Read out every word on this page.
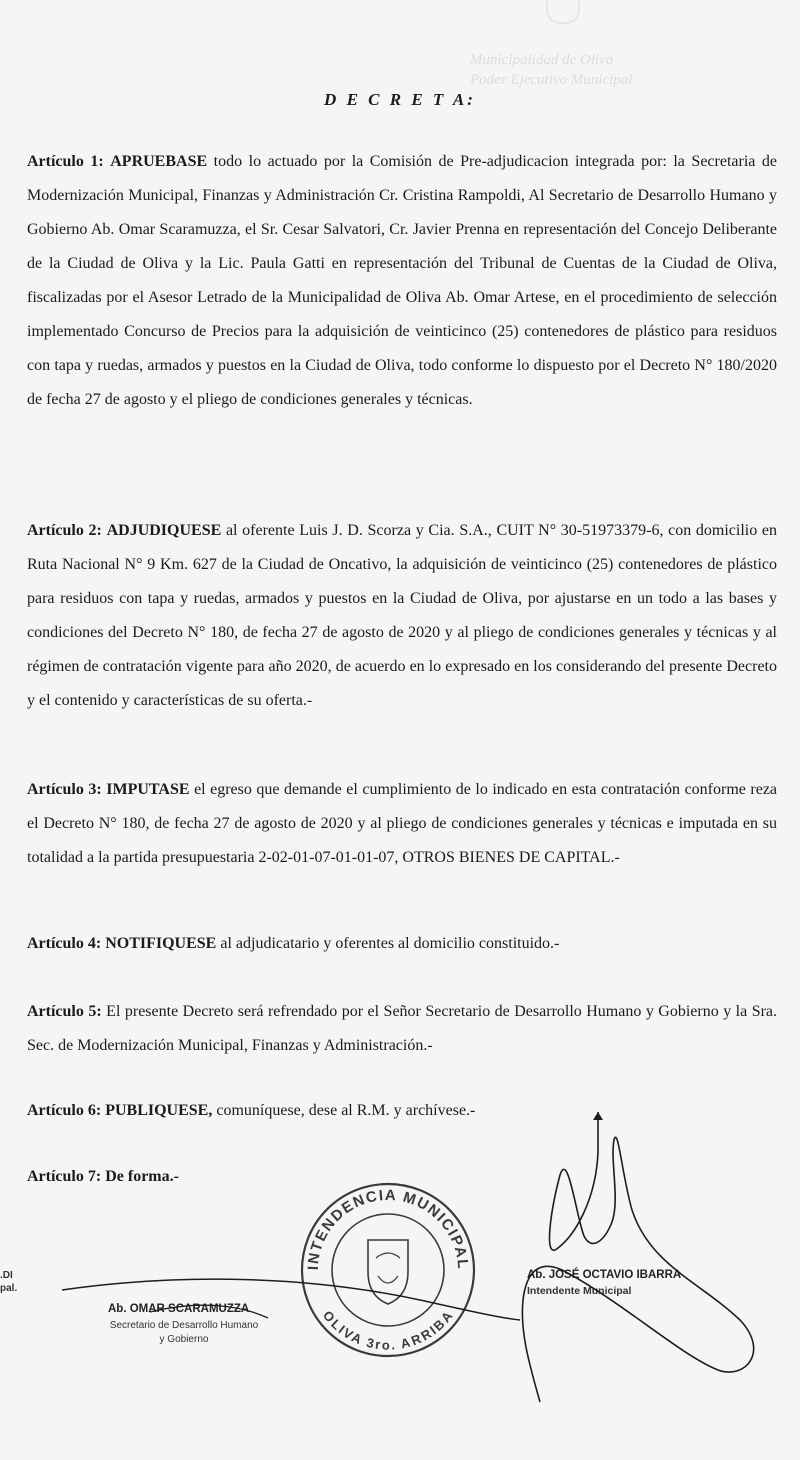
Municipalidad de Oliva
Poder Ejecutivo Municipal
D E C R E T A:

Artículo 1: APRUEBASE todo lo actuado por la Comisión de Pre-adjudicacion integrada por: la Secretaria de Modernización Municipal, Finanzas y Administración Cr. Cristina Rampoldi, Al Secretario de Desarrollo Humano y Gobierno Ab. Omar Scaramuzza, el Sr. Cesar Salvatori, Cr. Javier Prenna en representación del Concejo Deliberante de la Ciudad de Oliva y la Lic. Paula Gatti en representación del Tribunal de Cuentas de la Ciudad de Oliva, fiscalizadas por el Asesor Letrado de la Municipalidad de Oliva Ab. Omar Artese, en el procedimiento de selección implementado Concurso de Precios para la adquisición de veinticinco (25) contenedores de plástico para residuos con tapa y ruedas, armados y puestos en la Ciudad de Oliva, todo conforme lo dispuesto por el Decreto N° 180/2020 de fecha 27 de agosto y el pliego de condiciones generales y técnicas.

Artículo 2: ADJUDIQUESE al oferente Luis J. D. Scorza y Cia. S.A., CUIT N° 30-51973379-6, con domicilio en Ruta Nacional N° 9 Km. 627 de la Ciudad de Oncativo, la adquisición de veinticinco (25) contenedores de plástico para residuos con tapa y ruedas, armados y puestos en la Ciudad de Oliva, por ajustarse en un todo a las bases y condiciones del Decreto N° 180, de fecha 27 de agosto de 2020 y al pliego de condiciones generales y técnicas y al régimen de contratación vigente para año 2020, de acuerdo en lo expresado en los considerando del presente Decreto y el contenido y características de su oferta.-

Artículo 3: IMPUTASE el egreso que demande el cumplimiento de lo indicado en esta contratación conforme reza el Decreto N° 180, de fecha 27 de agosto de 2020 y al pliego de condiciones generales y técnicas e imputada en su totalidad a la partida presupuestaria 2-02-01-07-01-01-07, OTROS BIENES DE CAPITAL.-

Artículo 4: NOTIFIQUESE al adjudicatario y oferentes al domicilio constituido.-

Artículo 5: El presente Decreto será refrendado por el Señor Secretario de Desarrollo Humano y Gobierno y la Sra. Sec. de Modernización Municipal, Finanzas y Administración.-

Artículo 6: PUBLIQUESE, comuníquese, dese al R.M. y archívese.-

Artículo 7: De forma.-

.DI
pal.
Ab. OMAR SCARAMUZZA
Secretario de Desarrollo Humano
y Gobierno
Ab. JOSÉ OCTAVIO IBARRA
Intendente Municipal
INTENDENCIA MUNICIPAL
OLIVA 3ro. ARRIBA
